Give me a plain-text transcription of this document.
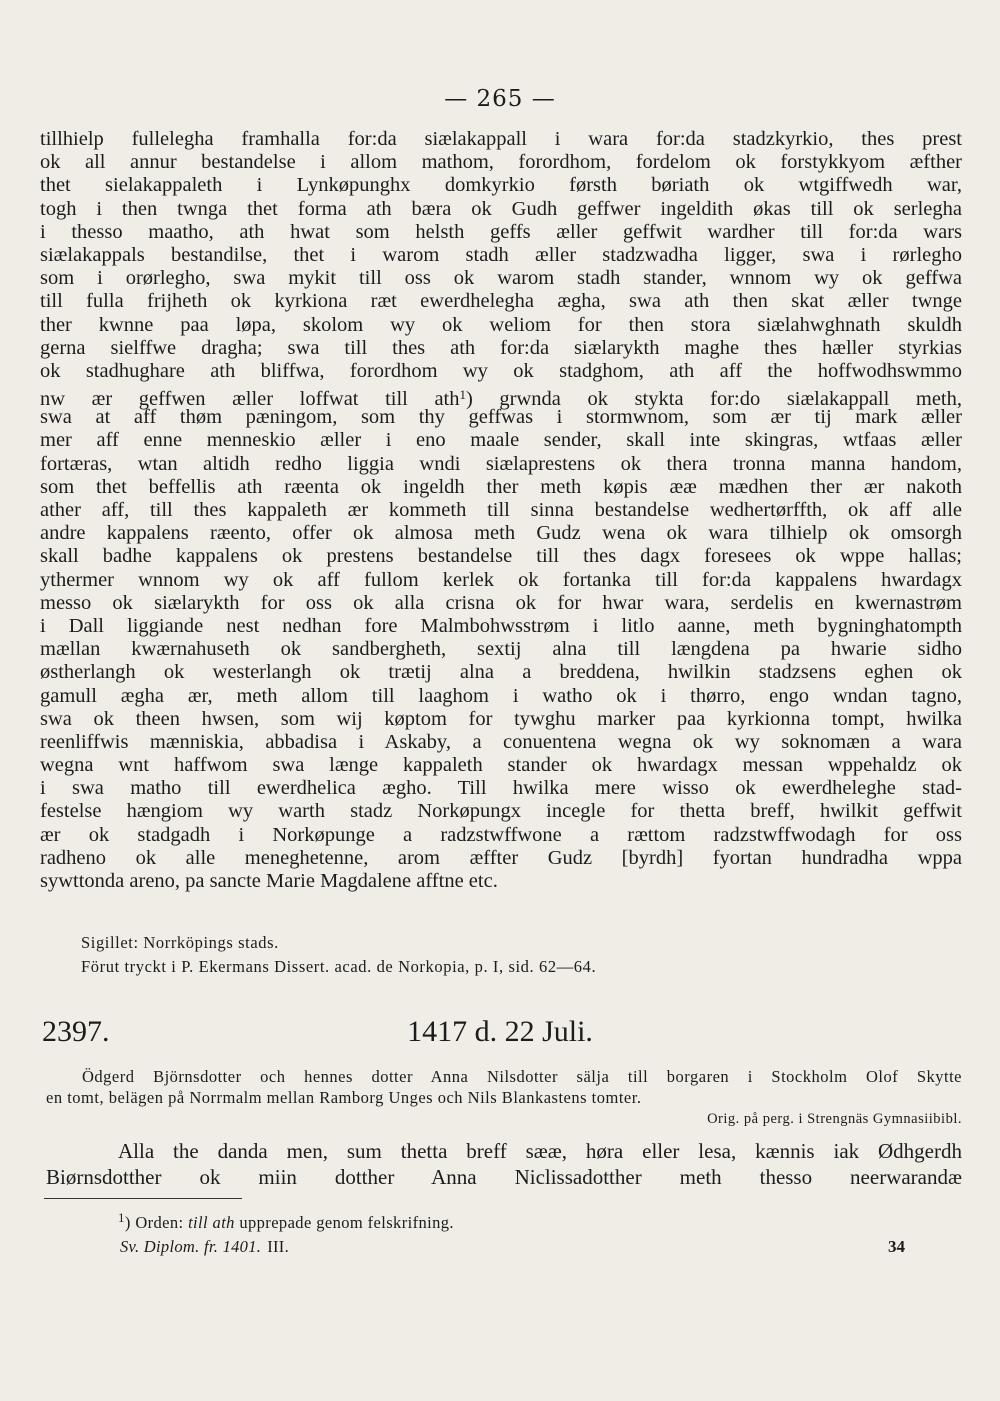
— 265 —
tillhielp fullelegha framhalla for:da siælakappall i wara for:da stadzkyrkio, thes prest
ok all annur bestandelse i allom mathom, forordhom, fordelom ok forstykkyom æfther
thet sielakappaleth i Lynkøpunghx domkyrkio førsth børiath ok wtgiffwedh war,
togh i then twnga thet forma ath bæra ok Gudh geffwer ingeldith økas till ok serlegha
i thesso maatho, ath hwat som helsth geffs æller geffwit wardher till for:da wars
siælakappals bestandilse, thet i warom stadh æller stadzwadha ligger, swa i rørlegho
som i orørlegho, swa mykit till oss ok warom stadh stander, wnnom wy ok geffwa
till fulla frijheth ok kyrkiona ræt ewerdhelegha ægha, swa ath then skat æller twnge
ther kwnne paa løpa, skolom wy ok weliom for then stora siælahwghnath skuldh
gerna sielffwe dragha; swa till thes ath for:da siælarykth maghe thes hæller styrkias
ok stadhughare ath bliffwa, forordhom wy ok stadghom, ath aff the hoffwodhswmmo
nw ær geffwen æller loffwat till ath$^1$) grwnda ok stykta for:do siælakappall meth,
swa at aff thøm pæningom, som thy geffwas i stormwnom, som ær tij mark æller
mer aff enne menneskio æller i eno maale sender, skall inte skingras, wtfaas æller
fortæras, wtan altidh redho liggia wndi siælaprestens ok thera tronna manna handom,
som thet beffellis ath ræenta ok ingeldh ther meth køpis ææ mædhen ther ær nakoth
ather aff, till thes kappaleth ær kommeth till sinna bestandelse wedhertørffth, ok aff alle
andre kappalens ræento, offer ok almosa meth Gudz wena ok wara tilhielp ok omsorgh
skall badhe kappalens ok prestens bestandelse till thes dagx foresees ok wppe hallas;
ythermer wnnom wy ok aff fullom kerlek ok fortanka till for:da kappalens hwardagx
messo ok siælarykth for oss ok alla crisna ok for hwar wara, serdelis en kwernastrøm
i Dall liggiande nest nedhan fore Malmbohwsstrøm i litlo aanne, meth bygninghatompth
mællan kwærnahuseth ok sandbergheth, sextij alna till længdena pa hwarie sidho
østherlangh ok westerlangh ok trætij alna a breddena, hwilkin stadzsens eghen ok
gamull ægha ær, meth allom till laaghom i watho ok i thørro, engo wndan tagno,
swa ok theen hwsen, som wij køptom for tywghu marker paa kyrkionna tompt, hwilka
reenliffwis mænniskia, abbadisa i Askaby, a conuentena wegna ok wy soknomæn a wara
wegna wnt haffwom swa længe kappaleth stander ok hwardagx messan wppehaldz ok
i swa matho till ewerdhelica ægho. Till hwilka mere wisso ok ewerdheleghe stad-
festelse hængiom wy warth stadz Norkøpungx incegle for thetta breff, hwilkit geffwit
ær ok stadgadh i Norkøpunge a radzstwffwone a rættom radzstwffwodagh for oss
radheno ok alle meneghetenne, arom æffter Gudz [byrdh] fyortan hundradha wppa
sywttonda areno, pa sancte Marie Magdalene afftne etc.
Sigillet: Norrköpings stads.
Förut tryckt i P. Ekermans Dissert. acad. de Norkopia, p. I, sid. 62—64.
2397.	1417 d. 22 Juli.
Ödgerd Björnsdotter och hennes dotter Anna Nilsdotter sälja till borgaren i Stockholm Olof Skytte
en tomt, belägen på Norrmalm mellan Ramborg Unges och Nils Blankastens tomter.
Orig. på perg. i Strengnäs Gymnasiibibl.
Alla the danda men, sum thetta breff sææ, høra eller lesa, kænnis iak Ødhgerdh
Biørnsdotther ok miin dotther Anna Niclissadotther meth thesso neerwarandæ
$^1$) Orden: till ath upprepade genom felskrifning.
Sv. Diplom. fr. 1401. III.	34
